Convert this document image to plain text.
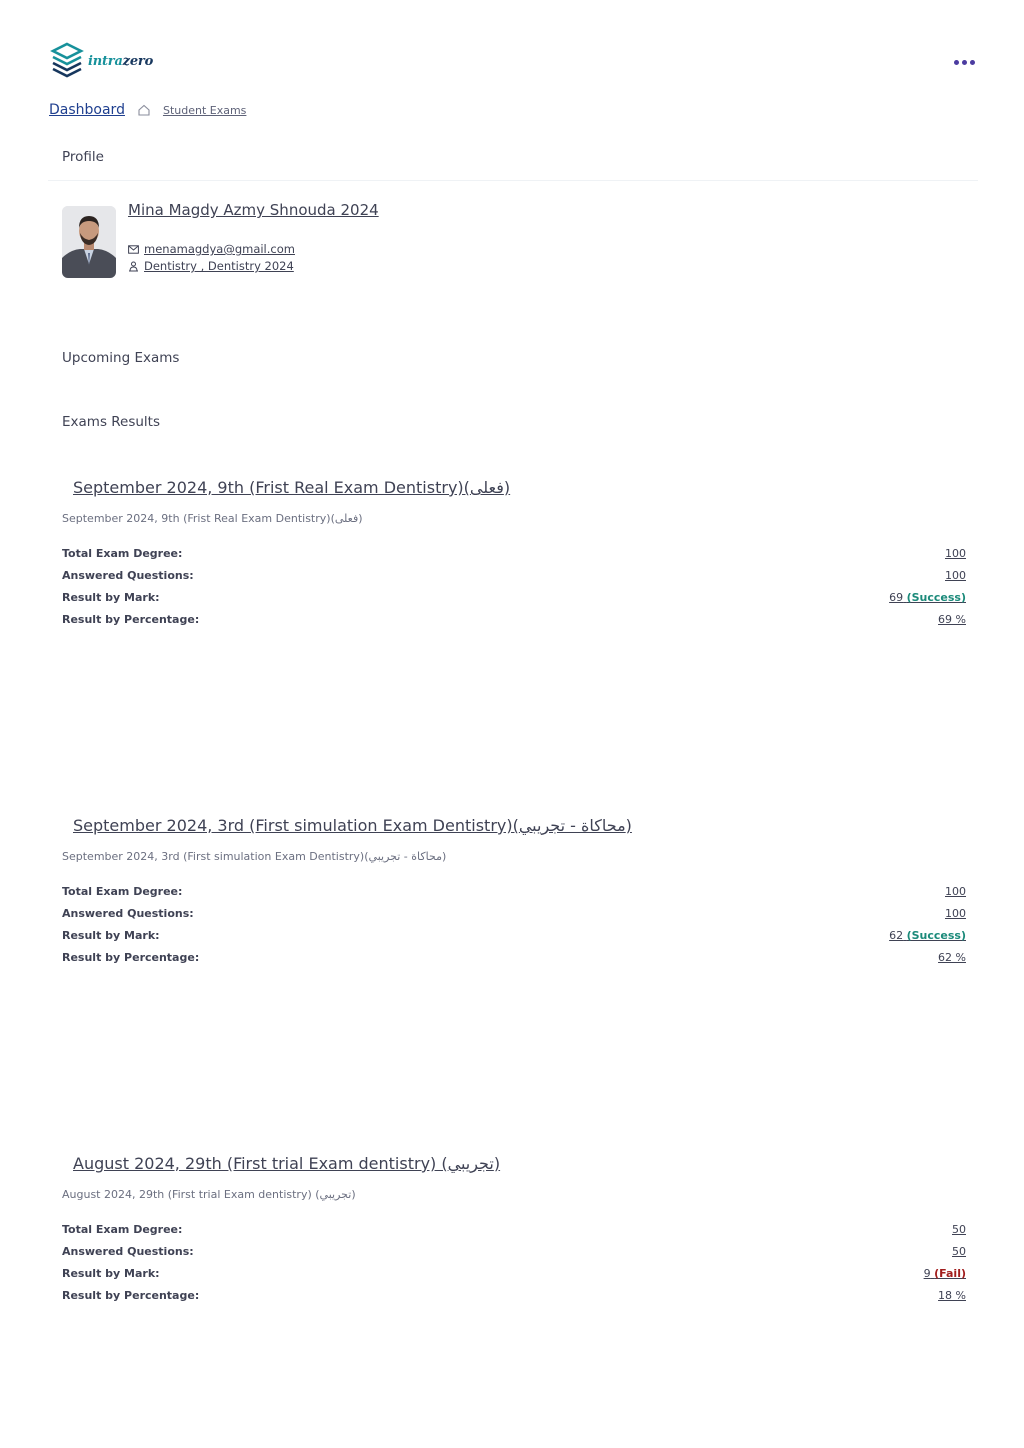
intrazero
Dashboard	Student Exams
Profile
Mina Magdy Azmy Shnouda 2024
menamagdya@gmail.com
Dentistry , Dentistry 2024
Upcoming Exams
Exams Results
September 2024, 9th (Frist Real Exam Dentistry)(فعلى)
September 2024, 9th (Frist Real Exam Dentistry)(فعلى)
Total Exam Degree:	100
Answered Questions:	100
Result by Mark:	69 (Success)
Result by Percentage:	69 %
September 2024, 3rd (First simulation Exam Dentistry)(محاكاة - تجريبي)
September 2024, 3rd (First simulation Exam Dentistry)(محاكاة - تجريبي)
Total Exam Degree:	100
Answered Questions:	100
Result by Mark:	62 (Success)
Result by Percentage:	62 %
August 2024, 29th (First trial Exam dentistry) (تجريبي)
August 2024, 29th (First trial Exam dentistry) (تجريبي)
Total Exam Degree:	50
Answered Questions:	50
Result by Mark:	9 (Fail)
Result by Percentage:	18 %
